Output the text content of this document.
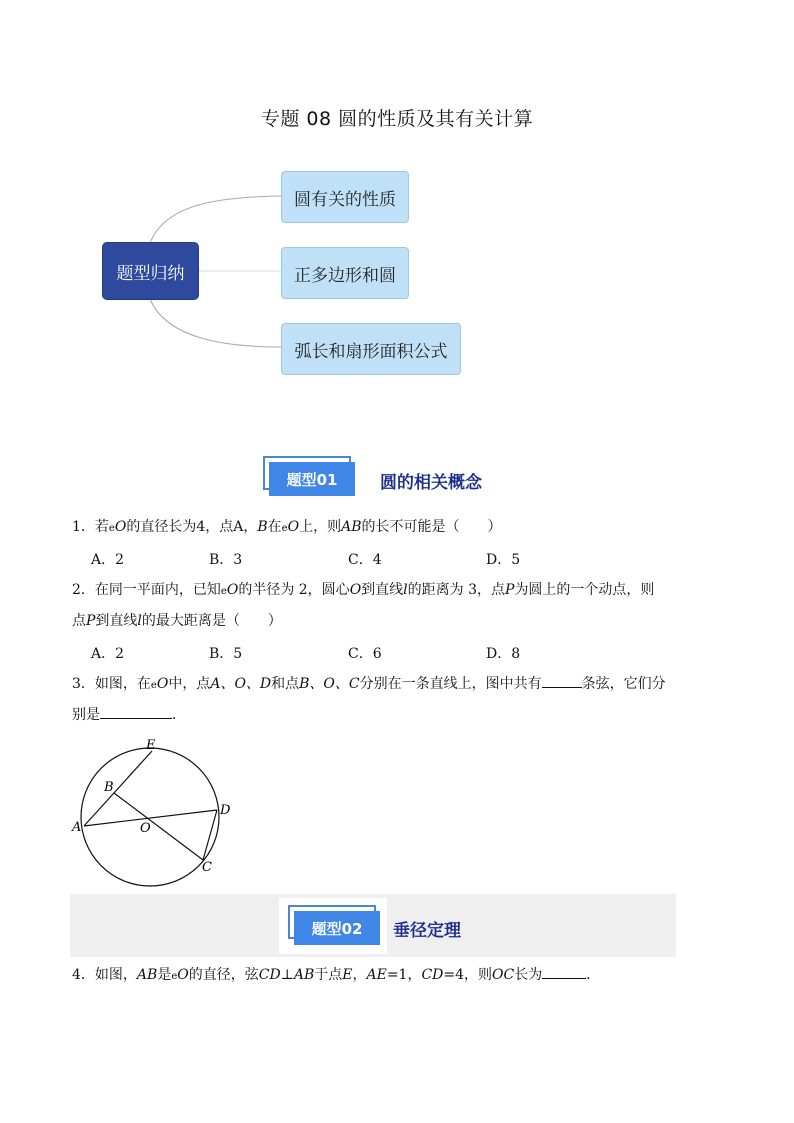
专题 08 圆的性质及其有关计算
题型归纳
圆有关的性质
正多边形和圆
弧长和扇形面积公式
题型01	圆的相关概念
1．若eO的直径长为4，点A，B在eO上，则AB的长不可能是（　　）
A．2	B．3	C．4	D．5
2．在同一平面内，已知eO的半径为 2，圆心O到直线l的距离为 3，点P为圆上的一个动点，则
点P到直线l的最大距离是（　　）
A．2	B．5	C．6	D．8
3．如图，在eO中，点A、O、D和点B、O、C分别在一条直线上，图中共有	条弦，它们分
别是	．
E
B
A	O
D
C
题型02	垂径定理
4．如图，AB是eO的直径，弦CD⊥AB于点E，AE=1，CD=4，则OC长为	．
